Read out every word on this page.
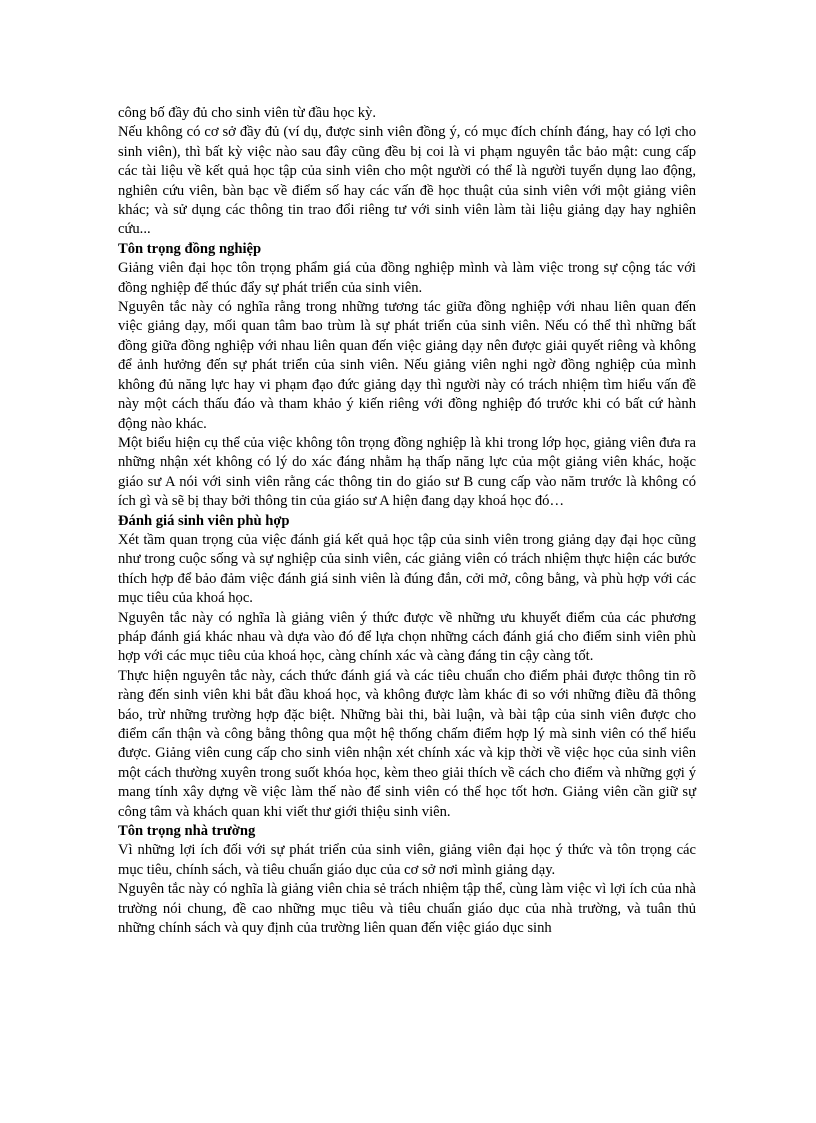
công bố đầy đủ cho sinh viên từ đầu học kỳ.

Nếu không có cơ sở đầy đủ (ví dụ, được sinh viên đồng ý, có mục đích chính đáng, hay có lợi cho sinh viên), thì bất kỳ việc nào sau đây cũng đều bị coi là vi phạm nguyên tắc bảo mật: cung cấp các tài liệu về kết quả học tập của sinh viên cho một người có thể là người tuyển dụng lao động, nghiên cứu viên, bàn bạc về điểm số hay các vấn đề học thuật của sinh viên với một giảng viên khác; và sử dụng các thông tin trao đổi riêng tư với sinh viên làm tài liệu giảng dạy hay nghiên cứu...

Tôn trọng đồng nghiệp

Giảng viên đại học tôn trọng phẩm giá của đồng nghiệp mình và làm việc trong sự cộng tác với đồng nghiệp để thúc đẩy sự phát triển của sinh viên.

Nguyên tắc này có nghĩa rằng trong những tương tác giữa đồng nghiệp với nhau liên quan đến việc giảng dạy, mối quan tâm bao trùm là sự phát triển của sinh viên. Nếu có thể thì những bất đồng giữa đồng nghiệp với nhau liên quan đến việc giảng dạy nên được giải quyết riêng và không để ảnh hưởng đến sự phát triển của sinh viên. Nếu giảng viên nghi ngờ đồng nghiệp của mình không đủ năng lực hay vi phạm đạo đức giảng dạy thì người này có trách nhiệm tìm hiểu vấn đề này một cách thấu đáo và tham khảo ý kiến riêng với đồng nghiệp đó trước khi có bất cứ hành động nào khác.

Một biểu hiện cụ thể của việc không tôn trọng đồng nghiệp là khi trong lớp học, giảng viên đưa ra những nhận xét không có lý do xác đáng nhằm hạ thấp năng lực của một giảng viên khác, hoặc giáo sư A nói với sinh viên rằng các thông tin do giáo sư B cung cấp vào năm trước là không có ích gì và sẽ bị thay bởi thông tin của giáo sư A hiện đang dạy khoá học đó…

Đánh giá sinh viên phù hợp

Xét tầm quan trọng của việc đánh giá kết quả học tập của sinh viên trong giảng dạy đại học cũng như trong cuộc sống và sự nghiệp của sinh viên, các giảng viên có trách nhiệm thực hiện các bước thích hợp để bảo đảm việc đánh giá sinh viên là đúng đắn, cởi mở, công bằng, và phù hợp với các mục tiêu của khoá học.

Nguyên tắc này có nghĩa là giảng viên ý thức được về những ưu khuyết điểm của các phương pháp đánh giá khác nhau và dựa vào đó để lựa chọn những cách đánh giá cho điểm sinh viên phù hợp với các mục tiêu của khoá học, càng chính xác và càng đáng tin cậy càng tốt.

Thực hiện nguyên tắc này, cách thức đánh giá và các tiêu chuẩn cho điểm phải được thông tin rõ ràng đến sinh viên khi bắt đầu khoá học, và không được làm khác đi so với những điều đã thông báo, trừ những trường hợp đặc biệt. Những bài thi, bài luận, và bài tập của sinh viên được cho điểm cẩn thận và công bằng thông qua một hệ thống chấm điểm hợp lý mà sinh viên có thể hiểu được. Giảng viên cung cấp cho sinh viên nhận xét chính xác và kịp thời về việc học của sinh viên một cách thường xuyên trong suốt khóa học, kèm theo giải thích về cách cho điểm và những gợi ý mang tính xây dựng về việc làm thế nào để sinh viên có thể học tốt hơn. Giảng viên cần giữ sự công tâm và khách quan khi viết thư giới thiệu sinh viên.

Tôn trọng nhà trường

Vì những lợi ích đối với sự phát triển của sinh viên, giảng viên đại học ý thức và tôn trọng các mục tiêu, chính sách, và tiêu chuẩn giáo dục của cơ sở nơi mình giảng dạy.

Nguyên tắc này có nghĩa là giảng viên chia sẻ trách nhiệm tập thể, cùng làm việc vì lợi ích của nhà trường nói chung, đề cao những mục tiêu và tiêu chuẩn giáo dục của nhà trường, và tuân thủ những chính sách và quy định của trường liên quan đến việc giáo dục sinh
